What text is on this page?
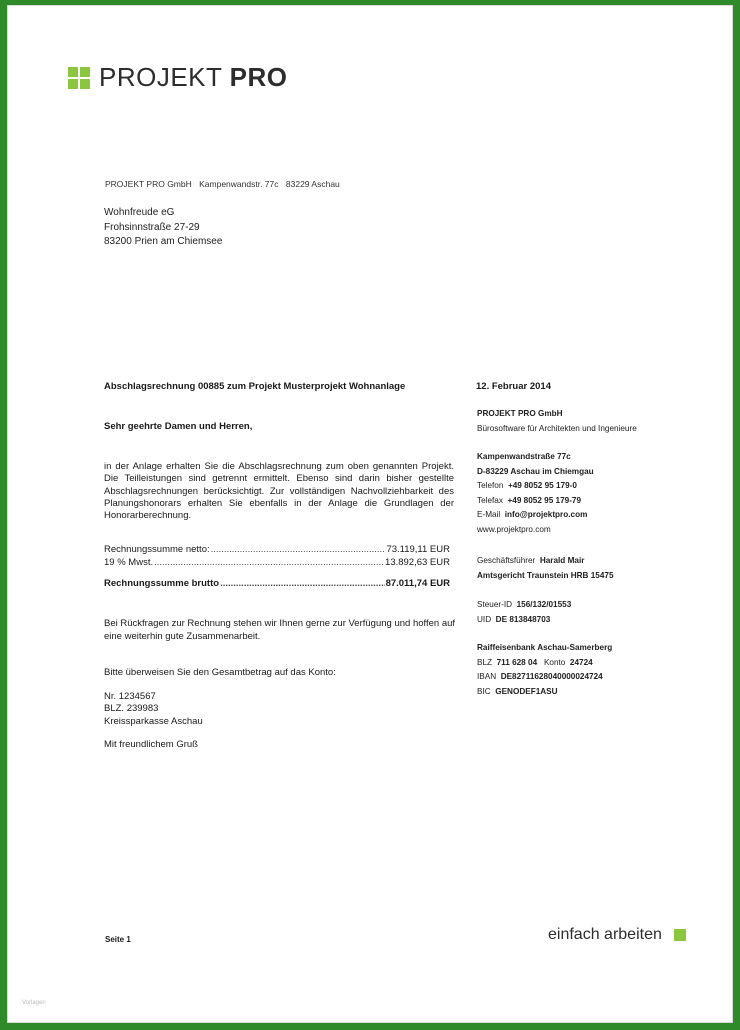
PROJEKT PRO
PROJEKT PRO GmbH Kampenwandstr. 77c 83229 Aschau
Wohnfreude eG
Frohsinnstraße 27-29
83200 Prien am Chiemsee
Abschlagsrechnung 00885 zum Projekt Musterprojekt Wohnanlage	12. Februar 2014
Sehr geehrte Damen und Herren,
in der Anlage erhalten Sie die Abschlagsrechnung zum oben genannten Projekt. Die Teilleistungen sind getrennt ermittelt. Ebenso sind darin bisher gestellte Abschlagsrechnungen berücksichtigt. Zur vollständigen Nachvollziehbarkeit des Planungshonorars erhalten Sie ebenfalls in der Anlage die Grundlagen der Honorarberechnung.
Rechnungssumme netto: .....	73.119,11 EUR
19 % Mwst. .....	13.892,63 EUR
Rechnungssumme brutto .....	87.011,74 EUR
Bei Rückfragen zur Rechnung stehen wir Ihnen gerne zur Verfügung und hoffen auf eine weiterhin gute Zusammenarbeit.
Bitte überweisen Sie den Gesamtbetrag auf das Konto:
Nr. 1234567
BLZ. 239983
Kreissparkasse Aschau
Mit freundlichem Gruß
PROJEKT PRO GmbH
Bürosoftware für Architekten und Ingenieure
Kampenwandstraße 77c
D-83229 Aschau im Chiemgau
Telefon +49 8052 95 179-0
Telefax +49 8052 95 179-79
E-Mail info@projektpro.com
www.projektpro.com
Geschäftsführer Harald Mair
Amtsgericht Traunstein HRB 15475
Steuer-ID 156/132/01553
UID DE 813848703
Raiffeisenbank Aschau-Samerberg
BLZ 711 628 04 Konto 24724
IBAN DE82711628040000024724
BIC GENODEF1ASU
Seite 1	einfach arbeiten
Vorlagen
